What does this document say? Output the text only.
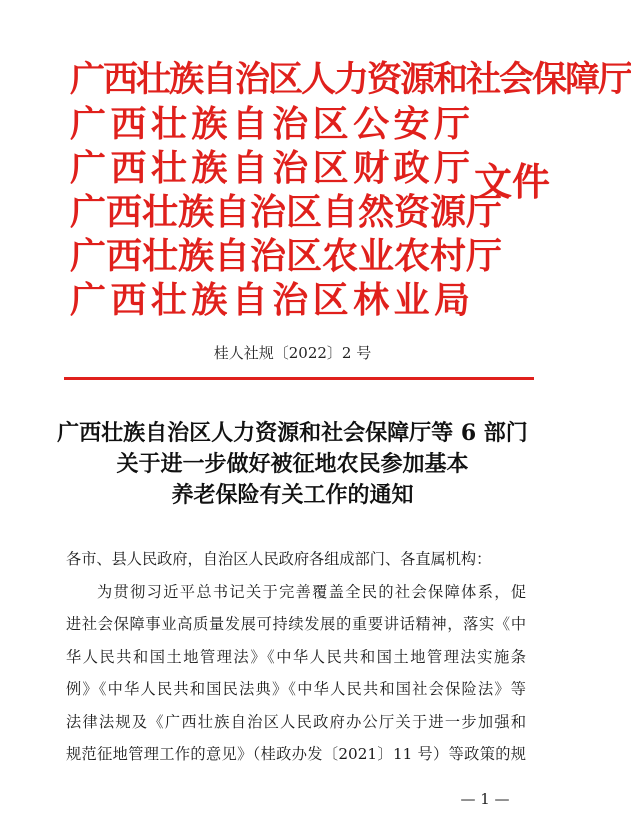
广西壮族自治区人力资源和社会保障厅
广西壮族自治区公安厅
广西壮族自治区财政厅
广西壮族自治区自然资源厅
广西壮族自治区农业农村厅
广西壮族自治区林业局
文件
桂人社规〔2022〕2 号
广西壮族自治区人力资源和社会保障厅等 6 部门
关于进一步做好被征地农民参加基本
养老保险有关工作的通知
各市、县人民政府，自治区人民政府各组成部门、各直属机构：
为贯彻习近平总书记关于完善覆盖全民的社会保障体系，促
进社会保障事业高质量发展可持续发展的重要讲话精神，落实《中
华人民共和国土地管理法》《中华人民共和国土地管理法实施条
例》《中华人民共和国民法典》《中华人民共和国社会保险法》等
法律法规及《广西壮族自治区人民政府办公厅关于进一步加强和
规范征地管理工作的意见》（桂政办发〔2021〕11 号）等政策的规
— 1 —
